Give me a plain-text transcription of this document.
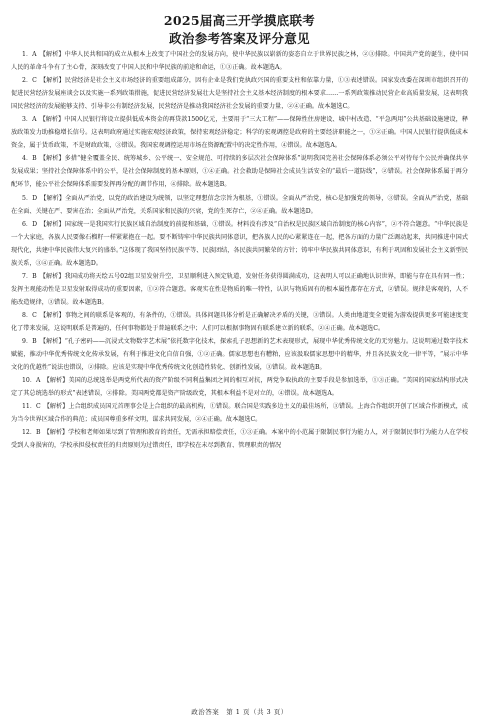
2025届高三开学摸底联考
政治参考答案及评分意见

1．A　【解析】中华人民共和国的成立从根本上改变了中国社会的发展方向，使中华民族以崭新的姿态自立于世界民族之林，②③排除。中国共产党的诞生，使中国人民的革命斗争有了主心骨，深刻改变了中国人民和中华民族的前途和命运，①③正确。故本题选A。

2．C　【解析】民营经济是社会主义市场经济的重要组成部分，因有企业是我们党执政兴国的重要支柱和依靠力量，①③表述错误。国家发改委在深圳市组织召开的促进民营经济发展座谈会以及实施一系列政策措施，促进民营经济发展壮大是坚持社会主义基本经济制度的根本要求……一系列政策推动民营企业高质量发展，这表明我国民营经济的发展能够支持、引导非公有制经济发展，民营经济是推动我国经济社会发展的重要力量，②④正确。故本题选C。

3．A　【解析】中国人民银行将设立提供低成本资金的再贷款1500亿元，主要用于“三大工程”——保障性住房建设、城中村改造、“平急两用”公共基础设施建设，释放政策发力助推稳增长信号。这表明政府通过实施宏观经济政策，保持宏观经济稳定；科学的宏观调控是政府的主要经济职能之一，①②正确。中国人民银行提供低成本资金，属于货币政策，不是财政政策，③错误。我国宏观调控运用市场在资源配置中的决定性作用，④错误。故本题选A。

4．B　【解析】多措“健全覆盖全民、统筹城乡、公平统一、安全规范、可持续的多层次社会保障体系”说明我国完善社会保障体系必须公平对待每个公民并确保共享发展成果；坚持社会保障体系中的公平，是社会保障制度的基本原则，①④正确。社会救助是保障社会成员生活安全的“最后一道防线”，②错误。社会保障体系属于再分配环节，能公平社会保障体系需要发挥再分配的调节作用，④排除。故本题选B。

5．D　【解析】全面从严治党，以党的政治建设为统领，以坚定理想信念宗旨为根基，①错误。全面从严治党，核心是加强党的领导，③错误。全面从严治党，基础在全面、关键在严、要害在治；全面从严治党，关系国家和民族的兴衰，党的生死存亡，②④正确。故本题选D。

6．D　【解析】国家统一是我国实行民族区域自治制度的前提和基础，①错误。材料没有涉及“自治权是民族区域自治制度的核心内容”，②不符合题意。“中华民族是一个大家庭，各族人民要像石榴籽一样紧紧抱在一起。要不断铸牢中华民族共同体意识，把各族人民的心紧紧连在一起，把各方面的力量广泛调动起来，共同推进中国式现代化，共建中华民族伟大复兴的盛举。”这体现了我国坚持民族平等、民族团结，各民族共同繁荣的方针；铸牢中华民族共同体意识，有利于巩固和发展社会主义新型民族关系，③④正确。故本题选D。

7．B　【解析】我国成功将天绘五号02组卫星发射升空，卫星顺利进入预定轨道，发射任务获得圆满成功，这表明人可以正确地认识世界，即能与存在具有同一性；发挥主观能动性是卫星发射取得成功的重要因素，①②符合题意。客观实在性是物质的唯一特性，认识与物质固有的根本属性都存在方式，②错误。规律是客观的，人不能改造规律，③错误。故本题选B。

8．C　【解析】事物之间的联系是客观的，有条件的，①错误。具体问题具体分析是正确解决矛盾的关键，③错误。人类由地道变全更能为游戏提供更多可能速度变化了带来发展，这说明联系是普遍的，任何事物都处于普遍联系之中；人们可以根据事物固有联系建立新的联系，②④正确。故本题选C。

9．B　【解析】“孔子密码——沉浸式文物数字艺术展”依托数字化技术，探索孔子思想新的艺术表现形式，展现中华优秀传统文化的无穷魅力。这说明通过数字技术赋能，推动中华优秀传统文化传承发展，有利于推进文化自信自强，①②正确。儒家思想也有糟粕，应该汲取儒家思想中的精华，并且各民族文化一律平等，“展示中华文化的优越性”说法也错误，②排除。应该是实现中华优秀传统文化创造性转化、创新性发展，③错误。故本题选B。

10．A　【解析】美国的总统选举是两党所代表的资产阶级不同利益集团之间的相互对抗，两党争取执政的主要手段是参加选举，①③正确。“美国的国家结构形式决定了其总统选举的形式”表述错误，②排除。美国两党都是资产阶级政党，其根本利益不是对立的，④错误。故本题选A。

11．C　【解析】上合组织成员国元首理事会是上合组织的最高机构，①错误。联合国是实践多边主义的最佳场所，③错误。上海合作组织开创了区域合作新模式，成为当今世界区域合作的典范；成员国尊重多样文明，谋求共同发展，②④正确。故本题选C。

12．B　【解析】学校和老师如果尽到了管理和教育的责任，无需承担赔偿责任，①③正确。本案中的小范属于限制民事行为能力人，对于限制民事行为能力人在学校受到人身损害的，学校承担侵权责任的归责原则为过错责任，即学校在未尽到教育、管理职责的情况

政治答案　第 1 页（共 3 页）
